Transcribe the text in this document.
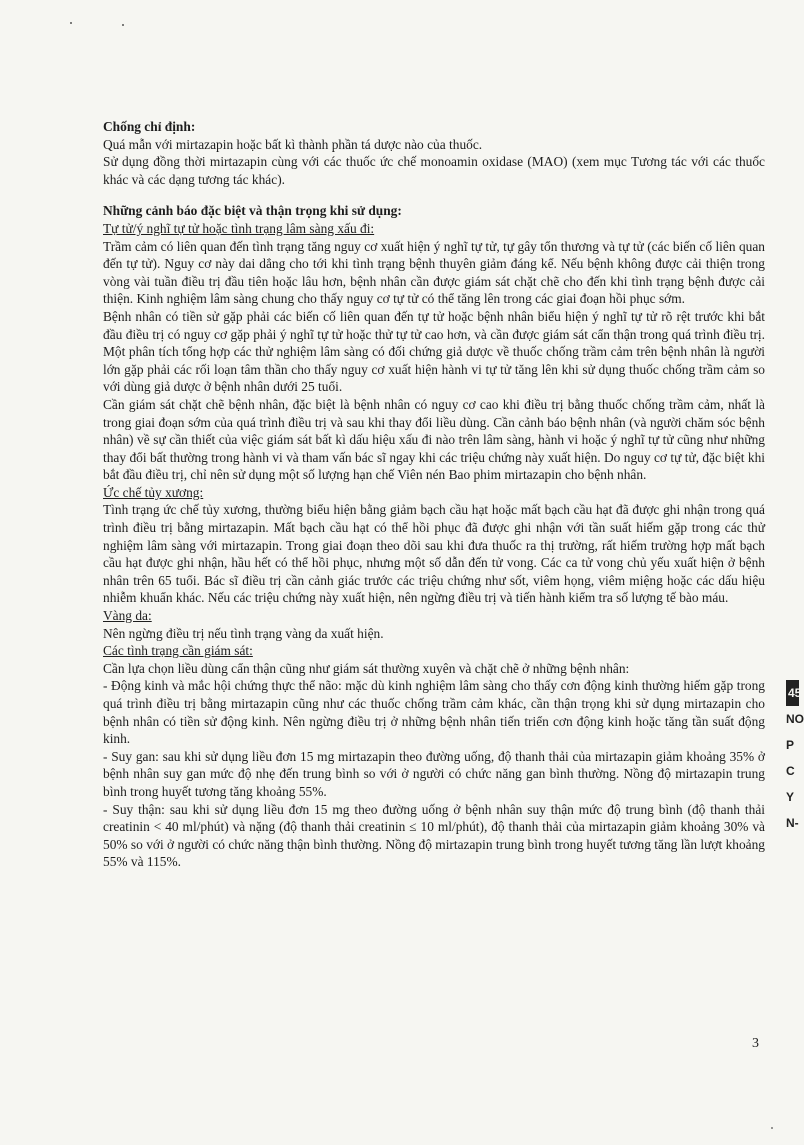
Chống chỉ định:

Quá mẫn với mirtazapin hoặc bất kì thành phần tá dược nào của thuốc.

Sử dụng đồng thời mirtazapin cùng với các thuốc ức chế monoamin oxidase (MAO) (xem mục Tương tác với các thuốc khác và các dạng tương tác khác).

Những cảnh báo đặc biệt và thận trọng khi sử dụng:

Tự tử/ý nghĩ tự tử hoặc tình trạng lâm sàng xấu đi:

Trầm cảm có liên quan đến tình trạng tăng nguy cơ xuất hiện ý nghĩ tự tử, tự gây tổn thương và tự tử (các biến cố liên quan đến tự tử). Nguy cơ này dai dẳng cho tới khi tình trạng bệnh thuyên giảm đáng kể. Nếu bệnh không được cải thiện trong vòng vài tuần điều trị đầu tiên hoặc lâu hơn, bệnh nhân cần được giám sát chặt chẽ cho đến khi tình trạng bệnh được cải thiện. Kinh nghiệm lâm sàng chung cho thấy nguy cơ tự tử có thể tăng lên trong các giai đoạn hồi phục sớm.

Bệnh nhân có tiền sử gặp phải các biến cố liên quan đến tự tử hoặc bệnh nhân biểu hiện ý nghĩ tự tử rõ rệt trước khi bắt đầu điều trị có nguy cơ gặp phải ý nghĩ tự tử hoặc thử tự tử cao hơn, và cần được giám sát cẩn thận trong quá trình điều trị. Một phân tích tổng hợp các thử nghiệm lâm sàng có đối chứng giả dược về thuốc chống trầm cảm trên bệnh nhân là người lớn gặp phải các rối loạn tâm thần cho thấy nguy cơ xuất hiện hành vi tự tử tăng lên khi sử dụng thuốc chống trầm cảm so với dùng giả dược ở bệnh nhân dưới 25 tuổi.

Cần giám sát chặt chẽ bệnh nhân, đặc biệt là bệnh nhân có nguy cơ cao khi điều trị bằng thuốc chống trầm cảm, nhất là trong giai đoạn sớm của quá trình điều trị và sau khi thay đổi liều dùng. Cần cảnh báo bệnh nhân (và người chăm sóc bệnh nhân) về sự cần thiết của việc giám sát bất kì dấu hiệu xấu đi nào trên lâm sàng, hành vi hoặc ý nghĩ tự tử cũng như những thay đổi bất thường trong hành vi và tham vấn bác sĩ ngay khi các triệu chứng này xuất hiện. Do nguy cơ tự tử, đặc biệt khi bắt đầu điều trị, chỉ nên sử dụng một số lượng hạn chế Viên nén Bao phim mirtazapin cho bệnh nhân.

Ức chế tủy xương:

Tình trạng ức chế tủy xương, thường biểu hiện bằng giảm bạch cầu hạt hoặc mất bạch cầu hạt đã được ghi nhận trong quá trình điều trị bằng mirtazapin. Mất bạch cầu hạt có thể hồi phục đã được ghi nhận với tần suất hiếm gặp trong các thử nghiệm lâm sàng với mirtazapin. Trong giai đoạn theo dõi sau khi đưa thuốc ra thị trường, rất hiếm trường hợp mất bạch cầu hạt được ghi nhận, hầu hết có thể hồi phục, nhưng một số dẫn đến tử vong. Các ca tử vong chủ yếu xuất hiện ở bệnh nhân trên 65 tuổi. Bác sĩ điều trị cần cảnh giác trước các triệu chứng như sốt, viêm họng, viêm miệng hoặc các dấu hiệu nhiễm khuẩn khác. Nếu các triệu chứng này xuất hiện, nên ngừng điều trị và tiến hành kiểm tra số lượng tế bào máu.

Vàng da:

Nên ngừng điều trị nếu tình trạng vàng da xuất hiện.

Các tình trạng cần giám sát:

Cần lựa chọn liều dùng cẩn thận cũng như giám sát thường xuyên và chặt chẽ ở những bệnh nhân:

- Động kinh và mắc hội chứng thực thể não: mặc dù kinh nghiệm lâm sàng cho thấy cơn động kinh thường hiếm gặp trong quá trình điều trị bằng mirtazapin cũng như các thuốc chống trầm cảm khác, cần thận trọng khi sử dụng mirtazapin cho bệnh nhân có tiền sử động kinh. Nên ngừng điều trị ở những bệnh nhân tiến triển cơn động kinh hoặc tăng tần suất động kinh.

- Suy gan: sau khi sử dụng liều đơn 15 mg mirtazapin theo đường uống, độ thanh thải của mirtazapin giảm khoảng 35% ở bệnh nhân suy gan mức độ nhẹ đến trung bình so với ở người có chức năng gan bình thường. Nồng độ mirtazapin trung bình trong huyết tương tăng khoảng 55%.

- Suy thận: sau khi sử dụng liều đơn 15 mg theo đường uống ở bệnh nhân suy thận mức độ trung bình (độ thanh thải creatinin < 40 ml/phút) và nặng (độ thanh thải creatinin ≤ 10 ml/phút), độ thanh thải của mirtazapin giảm khoảng 30% và 50% so với ở người có chức năng thận bình thường. Nồng độ mirtazapin trung bình trong huyết tương tăng lần lượt khoảng 55% và 115%.

3
45
NO
P
C
Y
N-
